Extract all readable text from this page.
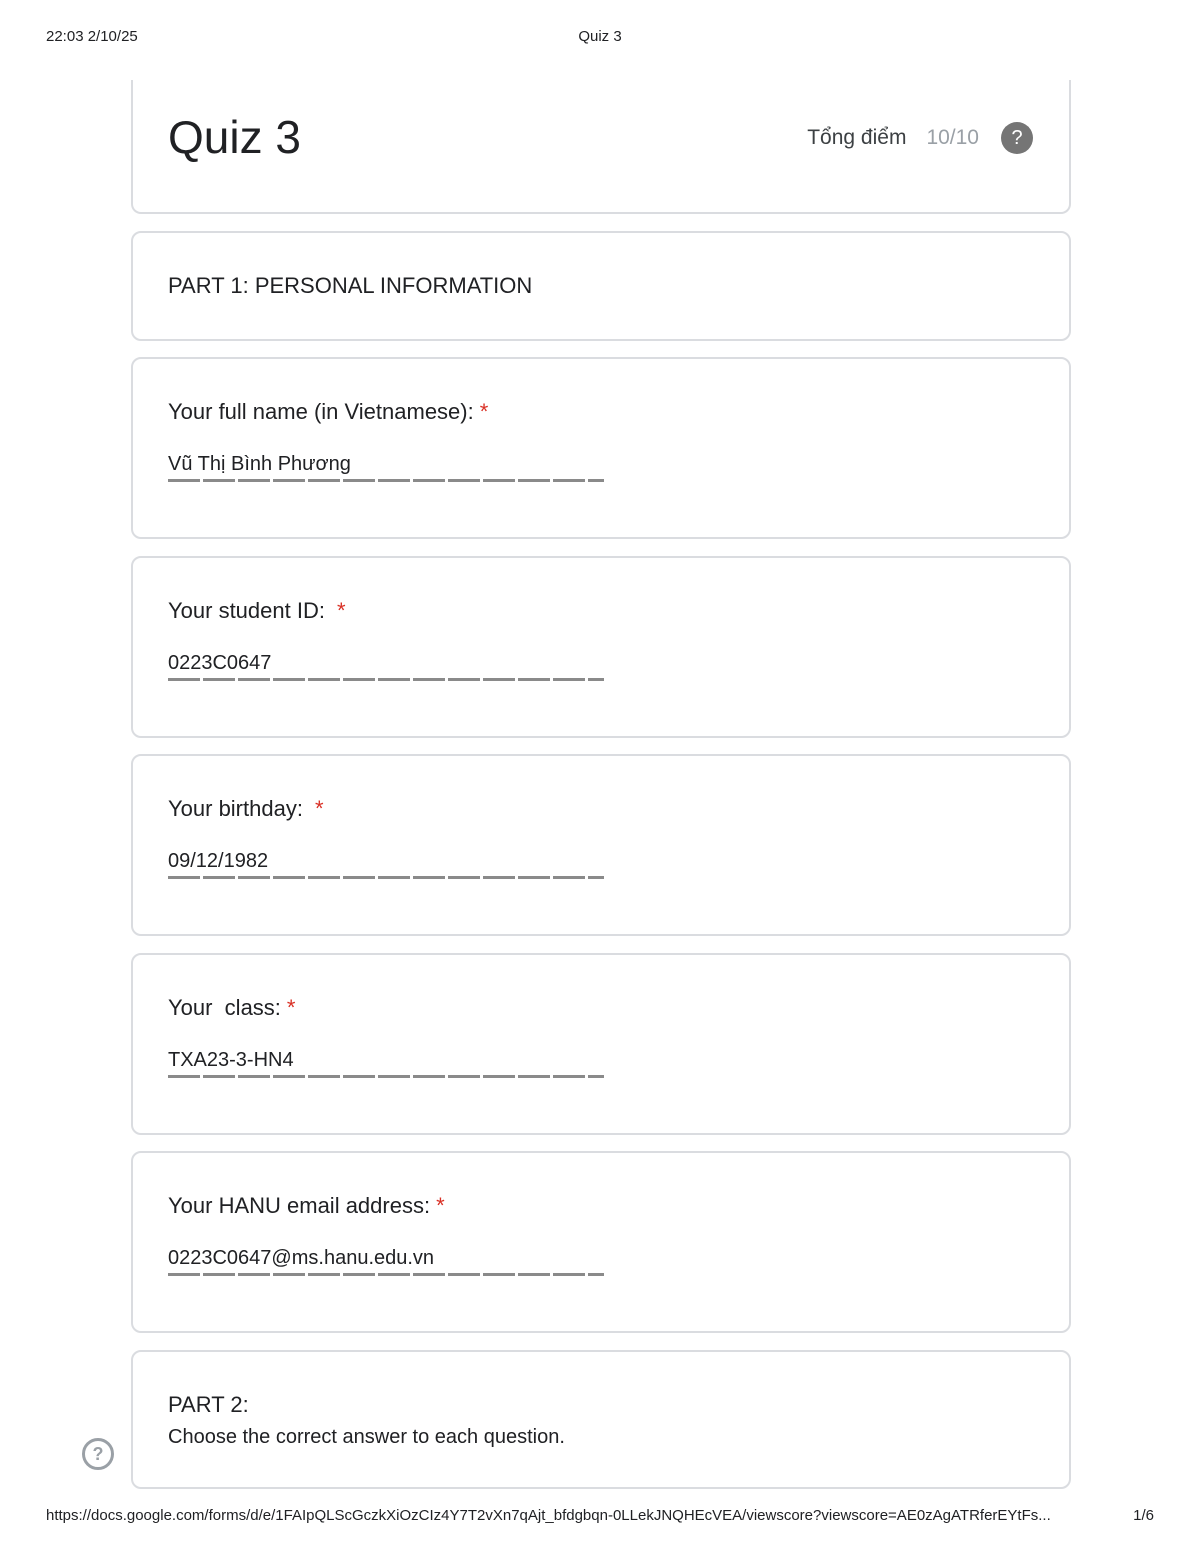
22:03 2/10/25	Quiz 3
Quiz 3	Tổng điểm 10/10	?
PART 1: PERSONAL INFORMATION
Your full name (in Vietnamese): *
Vũ Thị Bình Phương
Your student ID: *
0223C0647
Your birthday: *
09/12/1982
Your  class: *
TXA23-3-HN4
Your HANU email address: *
0223C0647@ms.hanu.edu.vn
PART 2:
Choose the correct answer to each question.
?
https://docs.google.com/forms/d/e/1FAIpQLScGczkXiOzCIz4Y7T2vXn7qAjt_bfdgbqn-0LLekJNQHEcVEA/viewscore?viewscore=AE0zAgATRferEYtFs...	1/6
